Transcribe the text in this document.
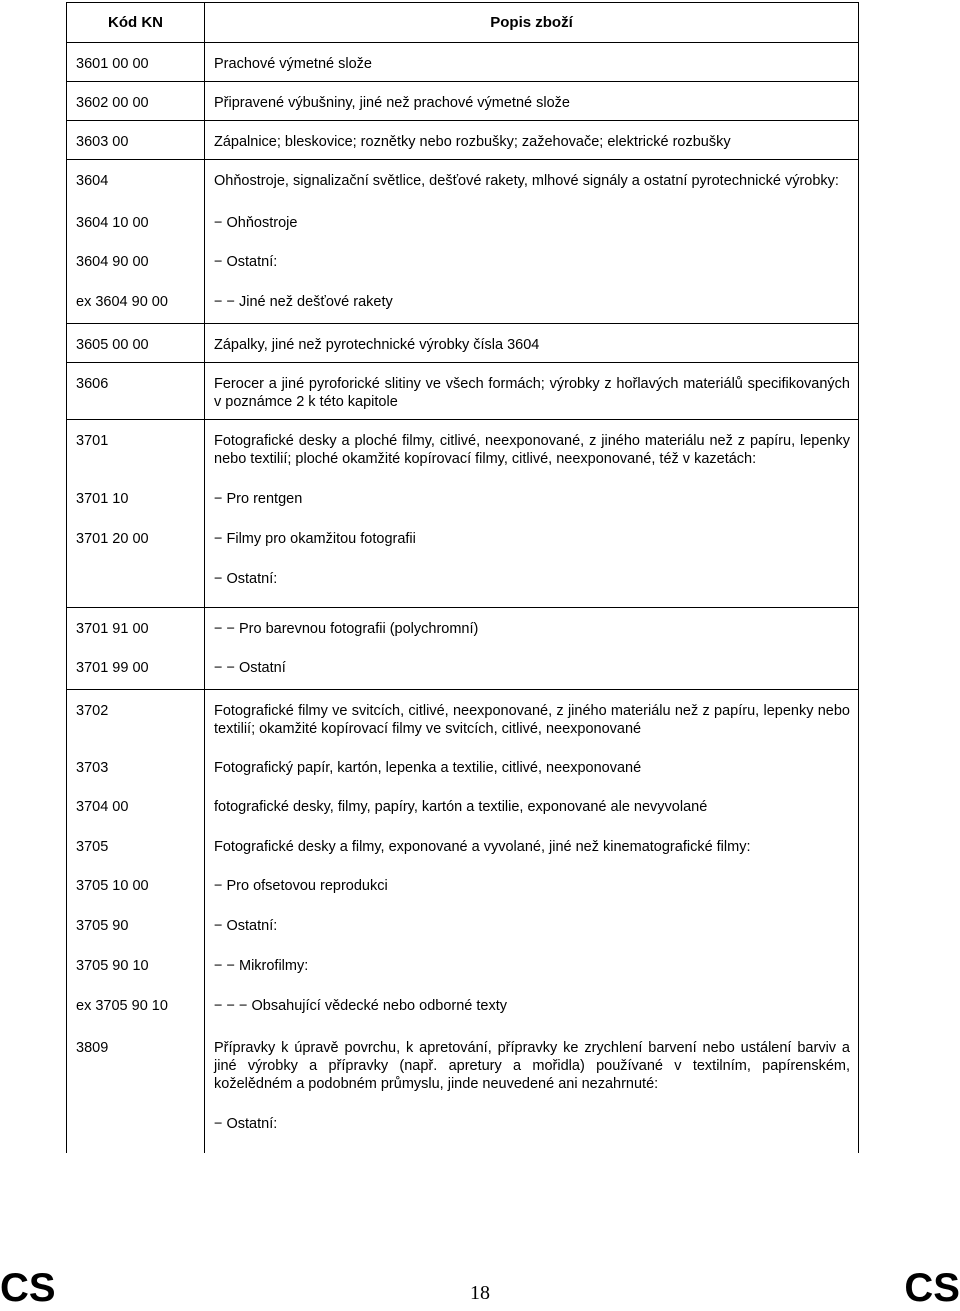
Kód KN	Popis zboží
3601 00 00	Prachové výmetné slože
3602 00 00	Připravené výbušniny, jiné než prachové výmetné slože
3603 00	Zápalnice; bleskovice; roznětky nebo rozbušky; zažehovače; elektrické rozbušky
3604	Ohňostroje, signalizační světlice, dešťové rakety, mlhové signály a ostatní pyrotechnické výrobky:
3604 10 00	− Ohňostroje
3604 90 00	− Ostatní:
ex 3604 90 00	− − Jiné než dešťové rakety
3605 00 00	Zápalky, jiné než pyrotechnické výrobky čísla 3604
3606	Ferocer a jiné pyroforické slitiny ve všech formách; výrobky z hořlavých materiálů specifikovaných v poznámce 2 k této kapitole
3701	Fotografické desky a ploché filmy, citlivé, neexponované, z jiného materiálu než z papíru, lepenky nebo textilií; ploché okamžité kopírovací filmy, citlivé, neexponované, též v kazetách:
3701 10	− Pro rentgen
3701 20 00	− Filmy pro okamžitou fotografii
	− Ostatní:
3701 91 00	− − Pro barevnou fotografii (polychromní)
3701 99 00	− − Ostatní
3702	Fotografické filmy ve svitcích, citlivé, neexponované, z jiného materiálu než z papíru, lepenky nebo textilií; okamžité kopírovací filmy ve svitcích, citlivé, neexponované
3703	Fotografický papír, kartón, lepenka a textilie, citlivé, neexponované
3704 00	fotografické desky, filmy, papíry, kartón a textilie, exponované ale nevyvolané
3705	Fotografické desky a filmy, exponované a vyvolané, jiné než kinematografické filmy:
3705 10 00	− Pro ofsetovou reprodukci
3705 90	− Ostatní:
3705 90 10	− − Mikrofilmy:
ex 3705 90 10	− − − Obsahující vědecké nebo odborné texty
3809	Přípravky k úpravě povrchu, k apretování, přípravky ke zrychlení barvení nebo ustálení barviv a jiné výrobky a přípravky (např. apretury a mořidla) používané v textilním, papírenském, koželědném a podobném průmyslu, jinde neuvedené ani nezahrnuté:
	− Ostatní:
CS	18	CS
